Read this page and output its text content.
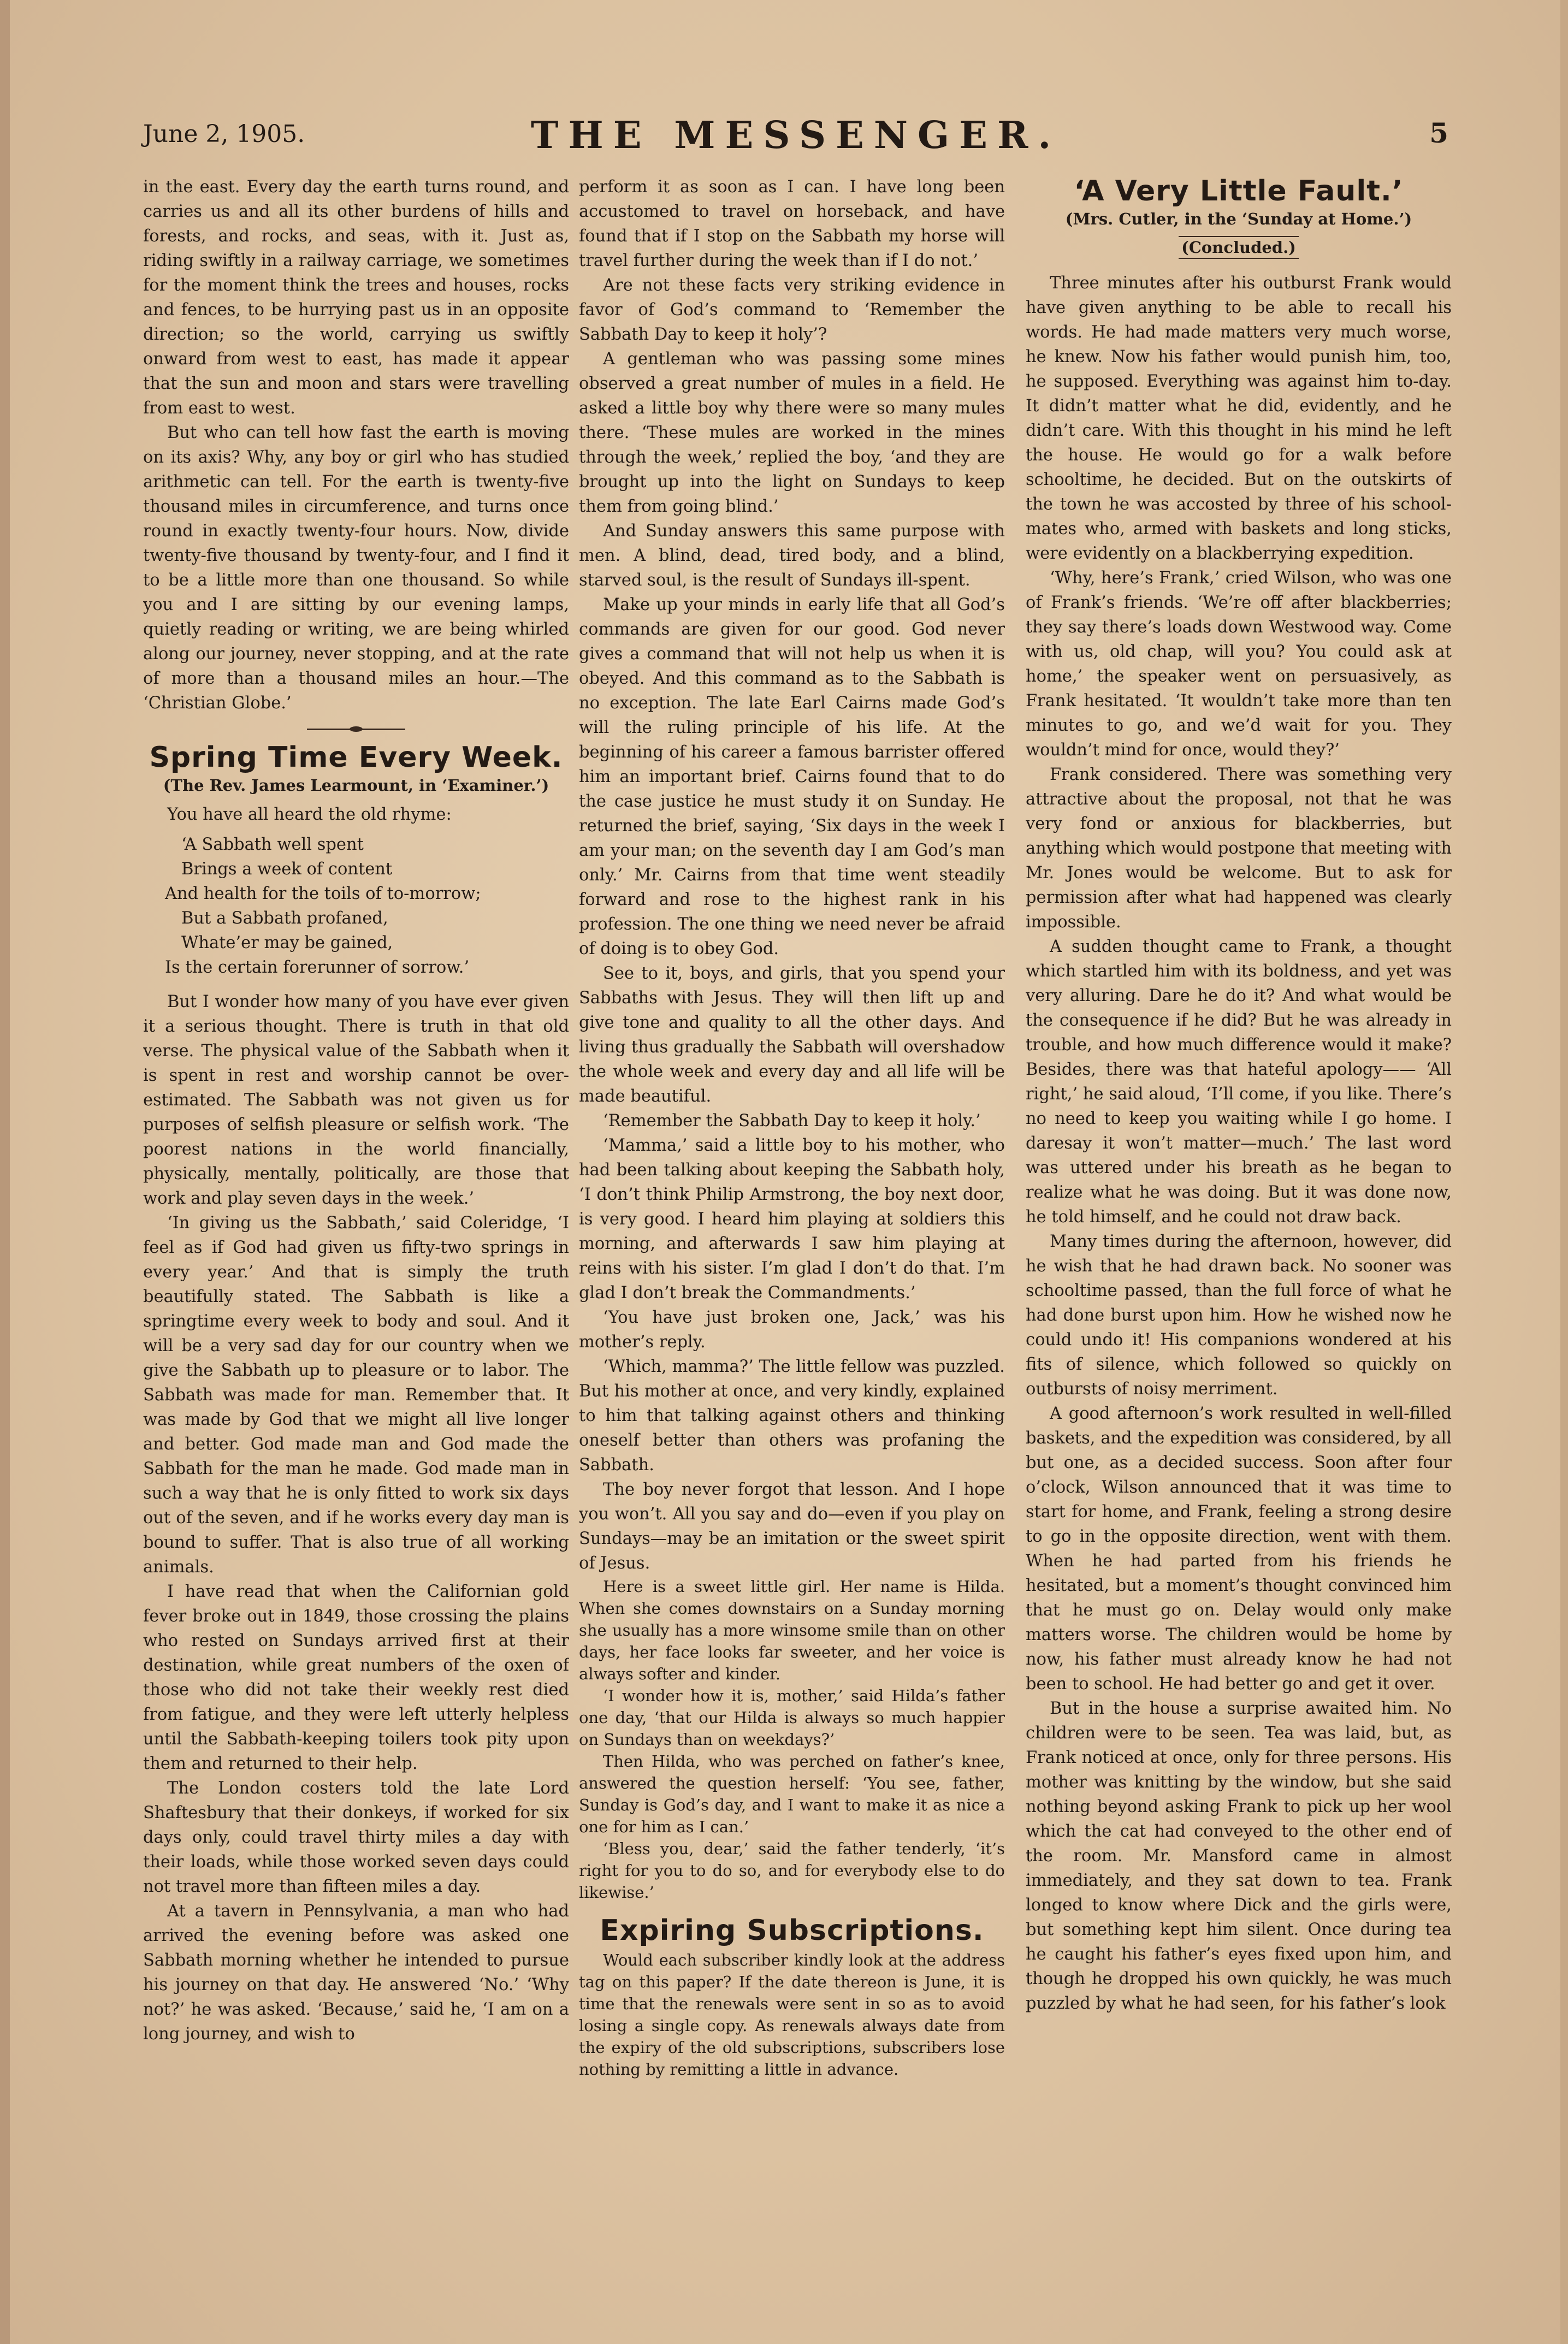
June 2, 1905.	THE MESSENGER.	5

in the east. Every day the earth turns round, and carries us and all its other burdens of hills and forests, and rocks, and seas, with it. Just as, riding swiftly in a railway carriage, we sometimes for the moment think the trees and houses, rocks and fences, to be hurrying past us in an opposite direction; so the world, carrying us swiftly onward from west to east, has made it appear that the sun and moon and stars were travelling from east to west.

But who can tell how fast the earth is moving on its axis? Why, any boy or girl who has studied arithmetic can tell. For the earth is twenty-five thousand miles in circumference, and turns once round in exactly twenty-four hours. Now, divide twenty-five thousand by twenty-four, and I find it to be a little more than one thousand. So while you and I are sitting by our evening lamps, quietly reading or writing, we are being whirled along our journey, never stopping, and at the rate of more than a thousand miles an hour.—The ‘Christian Globe.’

Spring Time Every Week.
(The Rev. James Learmount, in ‘Examiner.’)

You have all heard the old rhyme:

‘A Sabbath well spent
Brings a week of content
And health for the toils of to-morrow;
But a Sabbath profaned,
Whate’er may be gained,
Is the certain forerunner of sorrow.’

But I wonder how many of you have ever given it a serious thought. There is truth in that old verse. The physical value of the Sabbath when it is spent in rest and worship cannot be over-estimated. The Sabbath was not given us for purposes of selfish pleasure or selfish work. ‘The poorest nations in the world financially, physically, mentally, politically, are those that work and play seven days in the week.’

‘In giving us the Sabbath,’ said Coleridge, ‘I feel as if God had given us fifty-two springs in every year.’ And that is simply the truth beautifully stated. The Sabbath is like a springtime every week to body and soul. And it will be a very sad day for our country when we give the Sabbath up to pleasure or to labor. The Sabbath was made for man. Remember that. It was made by God that we might all live longer and better. God made man and God made the Sabbath for the man he made. God made man in such a way that he is only fitted to work six days out of the seven, and if he works every day man is bound to suffer. That is also true of all working animals.

I have read that when the Californian gold fever broke out in 1849, those crossing the plains who rested on Sundays arrived first at their destination, while great numbers of the oxen of those who did not take their weekly rest died from fatigue, and they were left utterly helpless until the Sabbath-keeping toilers took pity upon them and returned to their help.

The London costers told the late Lord Shaftesbury that their donkeys, if worked for six days only, could travel thirty miles a day with their loads, while those worked seven days could not travel more than fifteen miles a day.

At a tavern in Pennsylvania, a man who had arrived the evening before was asked one Sabbath morning whether he intended to pursue his journey on that day. He answered ‘No.’ ‘Why not?’ he was asked. ‘Because,’ said he, ‘I am on a long journey, and wish to

perform it as soon as I can. I have long been accustomed to travel on horseback, and have found that if I stop on the Sabbath my horse will travel further during the week than if I do not.’

Are not these facts very striking evidence in favor of God’s command to ‘Remember the Sabbath Day to keep it holy’?

A gentleman who was passing some mines observed a great number of mules in a field. He asked a little boy why there were so many mules there. ‘These mules are worked in the mines through the week,’ replied the boy, ‘and they are brought up into the light on Sundays to keep them from going blind.’

And Sunday answers this same purpose with men. A blind, dead, tired body, and a blind, starved soul, is the result of Sundays ill-spent.

Make up your minds in early life that all God’s commands are given for our good. God never gives a command that will not help us when it is obeyed. And this command as to the Sabbath is no exception. The late Earl Cairns made God’s will the ruling principle of his life. At the beginning of his career a famous barrister offered him an important brief. Cairns found that to do the case justice he must study it on Sunday. He returned the brief, saying, ‘Six days in the week I am your man; on the seventh day I am God’s man only.’ Mr. Cairns from that time went steadily forward and rose to the highest rank in his profession. The one thing we need never be afraid of doing is to obey God.

See to it, boys, and girls, that you spend your Sabbaths with Jesus. They will then lift up and give tone and quality to all the other days. And living thus gradually the Sabbath will overshadow the whole week and every day and all life will be made beautiful.

‘Remember the Sabbath Day to keep it holy.’

‘Mamma,’ said a little boy to his mother, who had been talking about keeping the Sabbath holy, ‘I don’t think Philip Armstrong, the boy next door, is very good. I heard him playing at soldiers this morning, and afterwards I saw him playing at reins with his sister. I’m glad I don’t do that. I’m glad I don’t break the Commandments.’

‘You have just broken one, Jack,’ was his mother’s reply.

‘Which, mamma?’ The little fellow was puzzled. But his mother at once, and very kindly, explained to him that talking against others and thinking oneself better than others was profaning the Sabbath.

The boy never forgot that lesson. And I hope you won’t. All you say and do—even if you play on Sundays—may be an imitation or the sweet spirit of Jesus.

Here is a sweet little girl. Her name is Hilda. When she comes downstairs on a Sunday morning she usually has a more winsome smile than on other days, her face looks far sweeter, and her voice is always softer and kinder.

‘I wonder how it is, mother,’ said Hilda’s father one day, ‘that our Hilda is always so much happier on Sundays than on weekdays?’

Then Hilda, who was perched on father’s knee, answered the question herself: ‘You see, father, Sunday is God’s day, and I want to make it as nice a one for him as I can.’

‘Bless you, dear,’ said the father tenderly, ‘it’s right for you to do so, and for everybody else to do likewise.’

Expiring Subscriptions.

Would each subscriber kindly look at the address tag on this paper? If the date thereon is June, it is time that the renewals were sent in so as to avoid losing a single copy. As renewals always date from the expiry of the old subscriptions, subscribers lose nothing by remitting a little in advance.

‘A Very Little Fault.’
(Mrs. Cutler, in the ‘Sunday at Home.’)
(Concluded.)

Three minutes after his outburst Frank would have given anything to be able to recall his words. He had made matters very much worse, he knew. Now his father would punish him, too, he supposed. Everything was against him to-day. It didn’t matter what he did, evidently, and he didn’t care. With this thought in his mind he left the house. He would go for a walk before schooltime, he decided. But on the outskirts of the town he was accosted by three of his school-mates who, armed with baskets and long sticks, were evidently on a blackberrying expedition.

‘Why, here’s Frank,’ cried Wilson, who was one of Frank’s friends. ‘We’re off after blackberries; they say there’s loads down Westwood way. Come with us, old chap, will you? You could ask at home,’ the speaker went on persuasively, as Frank hesitated. ‘It wouldn’t take more than ten minutes to go, and we’d wait for you. They wouldn’t mind for once, would they?’

Frank considered. There was something very attractive about the proposal, not that he was very fond or anxious for blackberries, but anything which would postpone that meeting with Mr. Jones would be welcome. But to ask for permission after what had happened was clearly impossible.

A sudden thought came to Frank, a thought which startled him with its boldness, and yet was very alluring. Dare he do it? And what would be the consequence if he did? But he was already in trouble, and how much difference would it make? Besides, there was that hateful apology—— ‘All right,’ he said aloud, ‘I’ll come, if you like. There’s no need to keep you waiting while I go home. I daresay it won’t matter—much.’ The last word was uttered under his breath as he began to realize what he was doing. But it was done now, he told himself, and he could not draw back.

Many times during the afternoon, however, did he wish that he had drawn back. No sooner was schooltime passed, than the full force of what he had done burst upon him. How he wished now he could undo it! His companions wondered at his fits of silence, which followed so quickly on outbursts of noisy merriment.

A good afternoon’s work resulted in well-filled baskets, and the expedition was considered, by all but one, as a decided success. Soon after four o’clock, Wilson announced that it was time to start for home, and Frank, feeling a strong desire to go in the opposite direction, went with them. When he had parted from his friends he hesitated, but a moment’s thought convinced him that he must go on. Delay would only make matters worse. The children would be home by now, his father must already know he had not been to school. He had better go and get it over.

But in the house a surprise awaited him. No children were to be seen. Tea was laid, but, as Frank noticed at once, only for three persons. His mother was knitting by the window, but she said nothing beyond asking Frank to pick up her wool which the cat had conveyed to the other end of the room. Mr. Mansford came in almost immediately, and they sat down to tea. Frank longed to know where Dick and the girls were, but something kept him silent. Once during tea he caught his father’s eyes fixed upon him, and though he dropped his own quickly, he was much puzzled by what he had seen, for his father’s look
